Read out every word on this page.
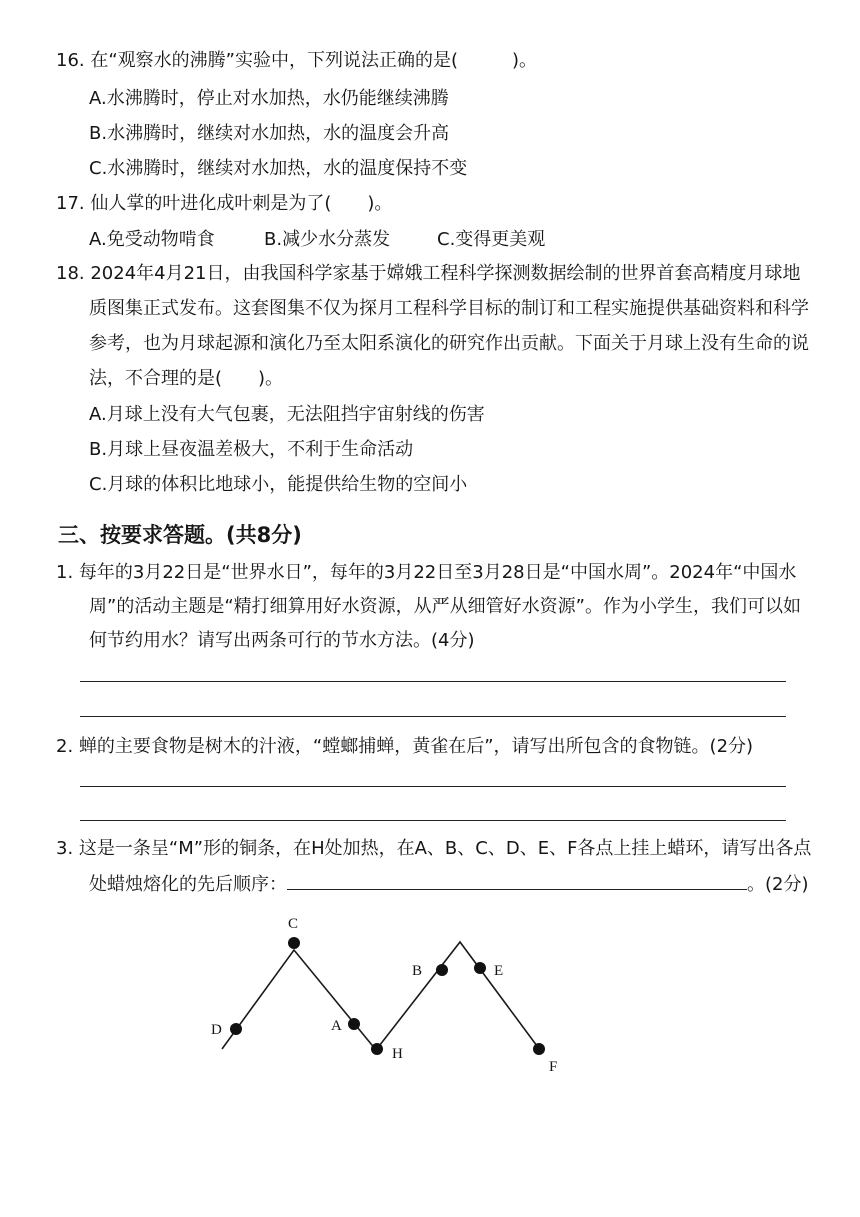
16. 在“观察水的沸腾”实验中，下列说法正确的是(　　　)。
A.水沸腾时，停止对水加热，水仍能继续沸腾
B.水沸腾时，继续对水加热，水的温度会升高
C.水沸腾时，继续对水加热，水的温度保持不变
17. 仙人掌的叶进化成叶刺是为了(　　)。
A.免受动物啃食	B.减少水分蒸发	C.变得更美观
18. 2024年4月21日，由我国科学家基于嫦娥工程科学探测数据绘制的世界首套高精度月球地
质图集正式发布。这套图集不仅为探月工程科学目标的制订和工程实施提供基础资料和科学
参考，也为月球起源和演化乃至太阳系演化的研究作出贡献。下面关于月球上没有生命的说
法，不合理的是(　　)。
A.月球上没有大气包裹，无法阻挡宇宙射线的伤害
B.月球上昼夜温差极大，不利于生命活动
C.月球的体积比地球小，能提供给生物的空间小
三、按要求答题。(共8分)
1. 每年的3月22日是“世界水日”，每年的3月22日至3月28日是“中国水周”。2024年“中国水
周”的活动主题是“精打细算用好水资源，从严从细管好水资源”。作为小学生，我们可以如
何节约用水？请写出两条可行的节水方法。(4分)
2. 蝉的主要食物是树木的汁液，“螳螂捕蝉，黄雀在后”，请写出所包含的食物链。(2分)
3. 这是一条呈“M”形的铜条，在H处加热，在A、B、C、D、E、F各点上挂上蜡环，请写出各点
处蜡烛熔化的先后顺序：	。(2分)
D
C
A
H
B	E
F
